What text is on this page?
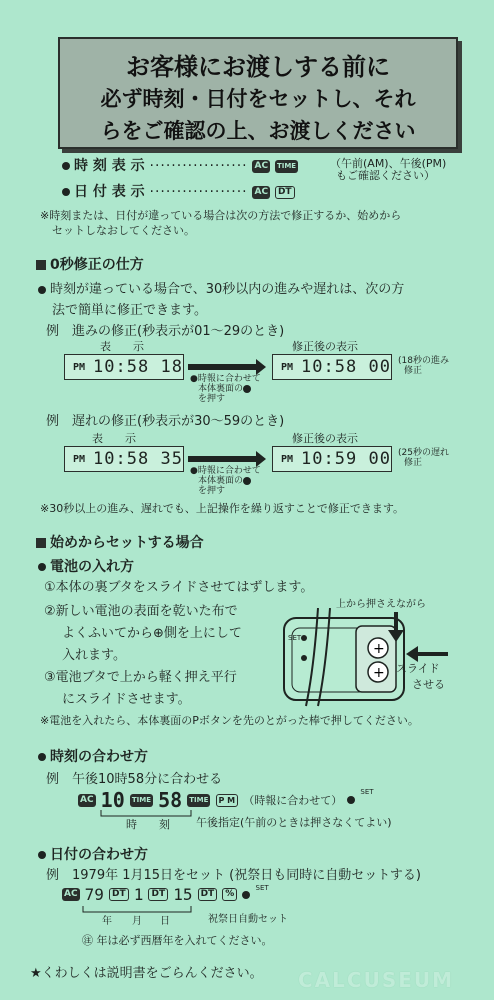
お客様にお渡しする前に
必ず時刻・日付をセットし、それ
らをご確認の上、お渡しください
時 刻 表 示 ·················· AC TIME	（午前(AM)、午後(PM)
もご確認ください）
日 付 表 示 ·················· AC DT
※時刻または、日付が違っている場合は次の方法で修正するか、始めから
セットしなおしてください。
0秒修正の仕方
時刻が違っている場合で、30秒以内の進みや遅れは、次の方
法で簡単に修正できます。
例　進みの修正(秒表示が01〜29のとき)
表　　示	修正後の表示
PM 10:58 18	PM 10:58 00 (18秒の進み
修正
●時報に合わせて
本体裏面の
を押す
例　遅れの修正(秒表示が30〜59のとき)
表　　示	修正後の表示
PM 10:58 35	PM 10:59 00 (25秒の遅れ
修正
●時報に合わせて
本体裏面の
を押す
※30秒以上の進み、遅れでも、上記操作を繰り返すことで修正できます。
始めからセットする場合
電池の入れ方
①本体の裏ブタをスライドさせてはずします。
②新しい電池の表面を乾いた布で
よくふいてから⊕側を上にして
入れます。
③電池ブタで上から軽く押え平行
にスライドさせます。
上から押さえながら
+
+
SET
スライド
させる
※電池を入れたら、本体裏面のPボタンを先のとがった棒で押してください。
時刻の合わせ方
例　午後10時58分に合わせる
AC 10 TIME 58 TIME P M （時報に合わせて）  $^{SET}$
時　　刻 午後指定(午前のときは押さなくてよい)
日付の合わせ方
例　1979年 1月15日をセット (祝祭日も同時に自動セットする)
AC 79 DT 1 DT 15 DT %  $^{SET}$
年 月 日	祝祭日自動セット
㊟ 年は必ず西暦年を入れてください。
★くわしくは説明書をごらんください。 CALCUSEUM
